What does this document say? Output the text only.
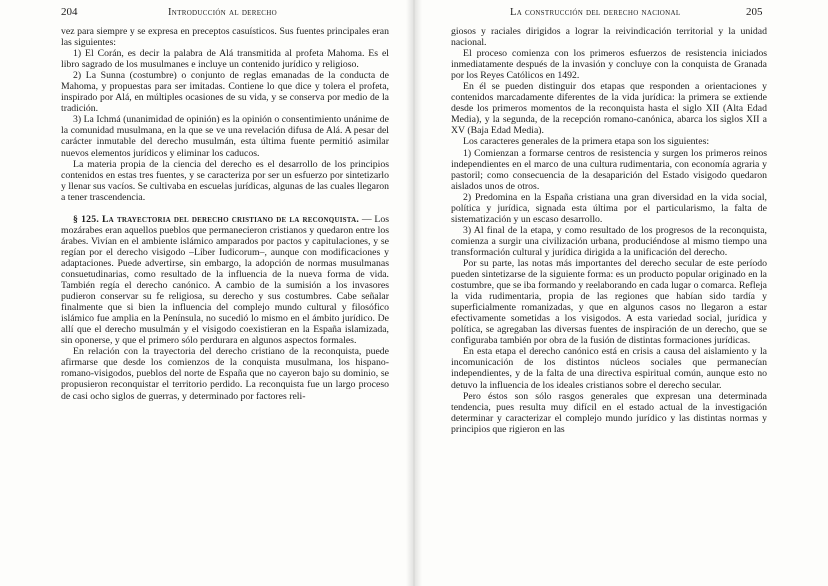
204	Introducción al derecho	La construcción del derecho nacional	205

vez para siempre y se expresa en preceptos casuísticos. Sus fuentes principales eran las siguientes:

1) El Corán, es decir la palabra de Alá transmitida al profeta Mahoma. Es el libro sagrado de los musulmanes e incluye un contenido jurídico y religioso.

2) La Sunna (costumbre) o conjunto de reglas emanadas de la conducta de Mahoma, y propuestas para ser imitadas. Contiene lo que dice y tolera el profeta, inspirado por Alá, en múltiples ocasiones de su vida, y se conserva por medio de la tradición.

3) La Ichmá (unanimidad de opinión) es la opinión o consentimiento unánime de la comunidad musulmana, en la que se ve una revelación difusa de Alá. A pesar del carácter inmutable del derecho musulmán, esta última fuente permitió asimilar nuevos elementos jurídicos y eliminar los caducos.

La materia propia de la ciencia del derecho es el desarrollo de los principios contenidos en estas tres fuentes, y se caracteriza por ser un esfuerzo por sintetizarlo y llenar sus vacíos. Se cultivaba en escuelas jurídicas, algunas de las cuales llegaron a tener trascendencia.

§ 125. La trayectoria del derecho cristiano de la reconquista. — Los mozárabes eran aquellos pueblos que permanecieron cristianos y quedaron entre los árabes. Vivían en el ambiente islámico amparados por pactos y capitulaciones, y se regían por el derecho visigodo –Liber Iudicorum–, aunque con modificaciones y adaptaciones. Puede advertirse, sin embargo, la adopción de normas musulmanas consuetudinarias, como resultado de la influencia de la nueva forma de vida. También regía el derecho canónico. A cambio de la sumisión a los invasores pudieron conservar su fe religiosa, su derecho y sus costumbres. Cabe señalar finalmente que si bien la influencia del complejo mundo cultural y filosófico islámico fue amplia en la Península, no sucedió lo mismo en el ámbito jurídico. De allí que el derecho musulmán y el visigodo coexistieran en la España islamizada, sin oponerse, y que el primero sólo perdurara en algunos aspectos formales.

En relación con la trayectoria del derecho cristiano de la reconquista, puede afirmarse que desde los comienzos de la conquista musulmana, los hispano-romano-visigodos, pueblos del norte de España que no cayeron bajo su dominio, se propusieron reconquistar el territorio perdido. La reconquista fue un largo proceso de casi ocho siglos de guerras, y determinado por factores reli-

giosos y raciales dirigidos a lograr la reivindicación territorial y la unidad nacional.

El proceso comienza con los primeros esfuerzos de resistencia iniciados inmediatamente después de la invasión y concluye con la conquista de Granada por los Reyes Católicos en 1492.

En él se pueden distinguir dos etapas que responden a orientaciones y contenidos marcadamente diferentes de la vida jurídica: la primera se extiende desde los primeros momentos de la reconquista hasta el siglo XII (Alta Edad Media), y la segunda, de la recepción romano-canónica, abarca los siglos XII a XV (Baja Edad Media).

Los caracteres generales de la primera etapa son los siguientes:

1) Comienzan a formarse centros de resistencia y surgen los primeros reinos independientes en el marco de una cultura rudimentaria, con economía agraria y pastoril; como consecuencia de la desaparición del Estado visigodo quedaron aislados unos de otros.

2) Predomina en la España cristiana una gran diversidad en la vida social, política y jurídica, signada esta última por el particularismo, la falta de sistematización y un escaso desarrollo.

3) Al final de la etapa, y como resultado de los progresos de la reconquista, comienza a surgir una civilización urbana, produciéndose al mismo tiempo una transformación cultural y jurídica dirigida a la unificación del derecho.

Por su parte, las notas más importantes del derecho secular de este período pueden sintetizarse de la siguiente forma: es un producto popular originado en la costumbre, que se iba formando y reelaborando en cada lugar o comarca. Refleja la vida rudimentaria, propia de las regiones que habían sido tardía y superficialmente romanizadas, y que en algunos casos no llegaron a estar efectivamente sometidas a los visigodos. A esta variedad social, jurídica y política, se agregaban las diversas fuentes de inspiración de un derecho, que se configuraba también por obra de la fusión de distintas formaciones jurídicas.

En esta etapa el derecho canónico está en crisis a causa del aislamiento y la incomunicación de los distintos núcleos sociales que permanecían independientes, y de la falta de una directiva espiritual común, aunque esto no detuvo la influencia de los ideales cristianos sobre el derecho secular.

Pero éstos son sólo rasgos generales que expresan una determinada tendencia, pues resulta muy difícil en el estado actual de la investigación determinar y caracterizar el complejo mundo jurídico y las distintas normas y principios que rigieron en las
